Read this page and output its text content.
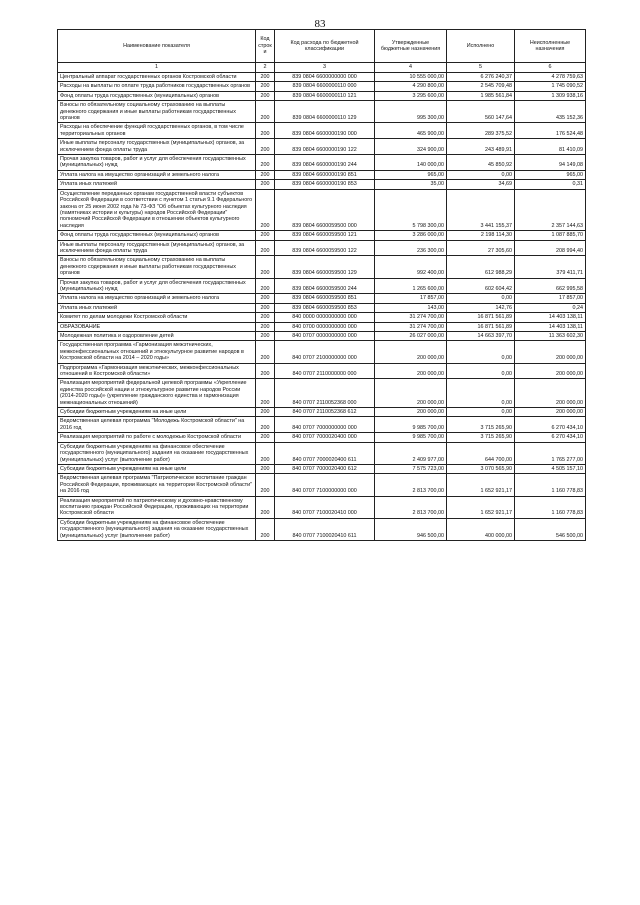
83
Наименование показателя	Код строк и	Код расхода по бюджетной классификации	Утвержденные бюджетные назначения	Исполнено	Неисполненные назначения
1	2	3	4	5	6
Центральный аппарат государственных органов Костромской области	200	839 0804 6600000000 000	10 555 000,00	6 276 240,37	4 278 759,63
Расходы на выплаты по оплате труда работников государственных органов	200	839 0804 6600000110 000	4 290 800,00	2 545 709,48	1 745 090,52
Фонд оплаты труда государственных (муниципальных) органов	200	839 0804 6600000110 121	3 295 600,00	1 985 561,84	1 309 938,16
Взносы по обязательному социальному страхованию на выплаты денежного содержания и иные выплаты работникам государственных органов	200	839 0804 6600000110 129	995 300,00	560 147,64	435 152,36
Расходы на обеспечение функций государственных органов, в том числе территориальных органов	200	839 0804 6600000190 000	465 900,00	289 375,52	176 524,48
Иные выплаты персоналу государственных (муниципальных) органов, за исключением фонда оплаты труда	200	839 0804 6600000190 122	324 900,00	243 489,91	81 410,09
Прочая закупка товаров, работ и услуг для обеспечения государственных (муниципальных) нужд	200	839 0804 6600000190 244	140 000,00	45 850,92	94 149,08
Уплата налога на имущество организаций и земельного налога	200	839 0804 6600000190 851	965,00	0,00	965,00
Уплата иных платежей	200	839 0804 6600000190 853	35,00	34,69	0,31
Осуществление переданных органам государственной власти субъектов Российской Федерации в соответствии с пунктом 1 статьи 9.1 Федерального закона от 25 июня 2002 года № 73-ФЗ "Об объектах культурного наследия (памятниках истории и культуры) народов Российской Федерации" полномочий Российской Федерации в отношении объектов культурного наследия	200	839 0804 6600059500 000	5 798 300,00	3 441 155,37	2 357 144,63
Фонд оплаты труда государственных (муниципальных) органов	200	839 0804 6600059500 121	3 286 000,00	2 198 114,30	1 087 885,70
Иные выплаты персоналу государственных (муниципальных) органов, за исключением фонда оплаты труда	200	839 0804 6600059500 122	236 300,00	27 305,60	208 994,40
Взносы по обязательному социальному страхованию на выплаты денежного содержания и иные выплаты работникам государственных органов	200	839 0804 6600059500 129	992 400,00	612 988,29	379 411,71
Прочая закупка товаров, работ и услуг для обеспечения государственных (муниципальных) нужд	200	839 0804 6600059500 244	1 265 600,00	602 604,42	662 995,58
Уплата налога на имущество организаций и земельного налога	200	839 0804 6600059500 851	17 857,00	0,00	17 857,00
Уплата иных платежей	200	839 0804 6600059500 853	143,00	142,76	0,24
Комитет по делам молодежи Костромской области	200	840 0000 0000000000 000	31 274 700,00	16 871 561,89	14 403 138,11
ОБРАЗОВАНИЕ	200	840 0700 0000000000 000	31 274 700,00	16 871 561,89	14 403 138,11
Молодежная политика и оздоровление детей	200	840 0707 0000000000 000	26 027 000,00	14 663 397,70	11 363 602,30
Государственная программа «Гармонизация межэтнических, межконфессиональных отношений и этнокультурное развитие народов в Костромской области на 2014 – 2020 годы»	200	840 0707 2100000000 000	200 000,00	0,00	200 000,00
Подпрограмма «Гармонизация межэтнических, межконфессиональных отношений в Костромской области»	200	840 0707 2110000000 000	200 000,00	0,00	200 000,00
Реализация мероприятий федеральной целевой программы «Укрепление единства российской нации и этнокультурное развитие народов России (2014-2020 годы)» (укрепление гражданского единства и гармонизация межнациональных отношений)	200	840 0707 2110052368 000	200 000,00	0,00	200 000,00
Субсидии бюджетным учреждениям на иные цели	200	840 0707 2110052368 612	200 000,00	0,00	200 000,00
Ведомственная целевая программа "Молодежь Костромской области" на 2016 год	200	840 0707 7000000000 000	9 985 700,00	3 715 265,90	6 270 434,10
Реализация мероприятий по работе с молодежью Костромской области	200	840 0707 7000020400 000	9 985 700,00	3 715 265,90	6 270 434,10
Субсидии бюджетным учреждениям на финансовое обеспечение государственного (муниципального) задания на оказание государственных (муниципальных) услуг (выполнение работ)	200	840 0707 7000020400 611	2 409 977,00	644 700,00	1 765 277,00
Субсидии бюджетным учреждениям на иные цели	200	840 0707 7000020400 612	7 575 723,00	3 070 565,90	4 505 157,10
Ведомственная целевая программа "Патриотическое воспитание граждан Российской Федерации, проживающих на территории Костромской области" на 2016 год	200	840 0707 7100000000 000	2 813 700,00	1 652 921,17	1 160 778,83
Реализация мероприятий по патриотическому и духовно-нравственному воспитанию граждан Российской Федерации, проживающих на территории Костромской области	200	840 0707 7100020410 000	2 813 700,00	1 652 921,17	1 160 778,83
Субсидии бюджетным учреждениям на финансовое обеспечение государственного (муниципального) задания на оказание государственных (муниципальных) услуг (выполнение работ)	200	840 0707 7100020410 611	946 500,00	400 000,00	546 500,00
